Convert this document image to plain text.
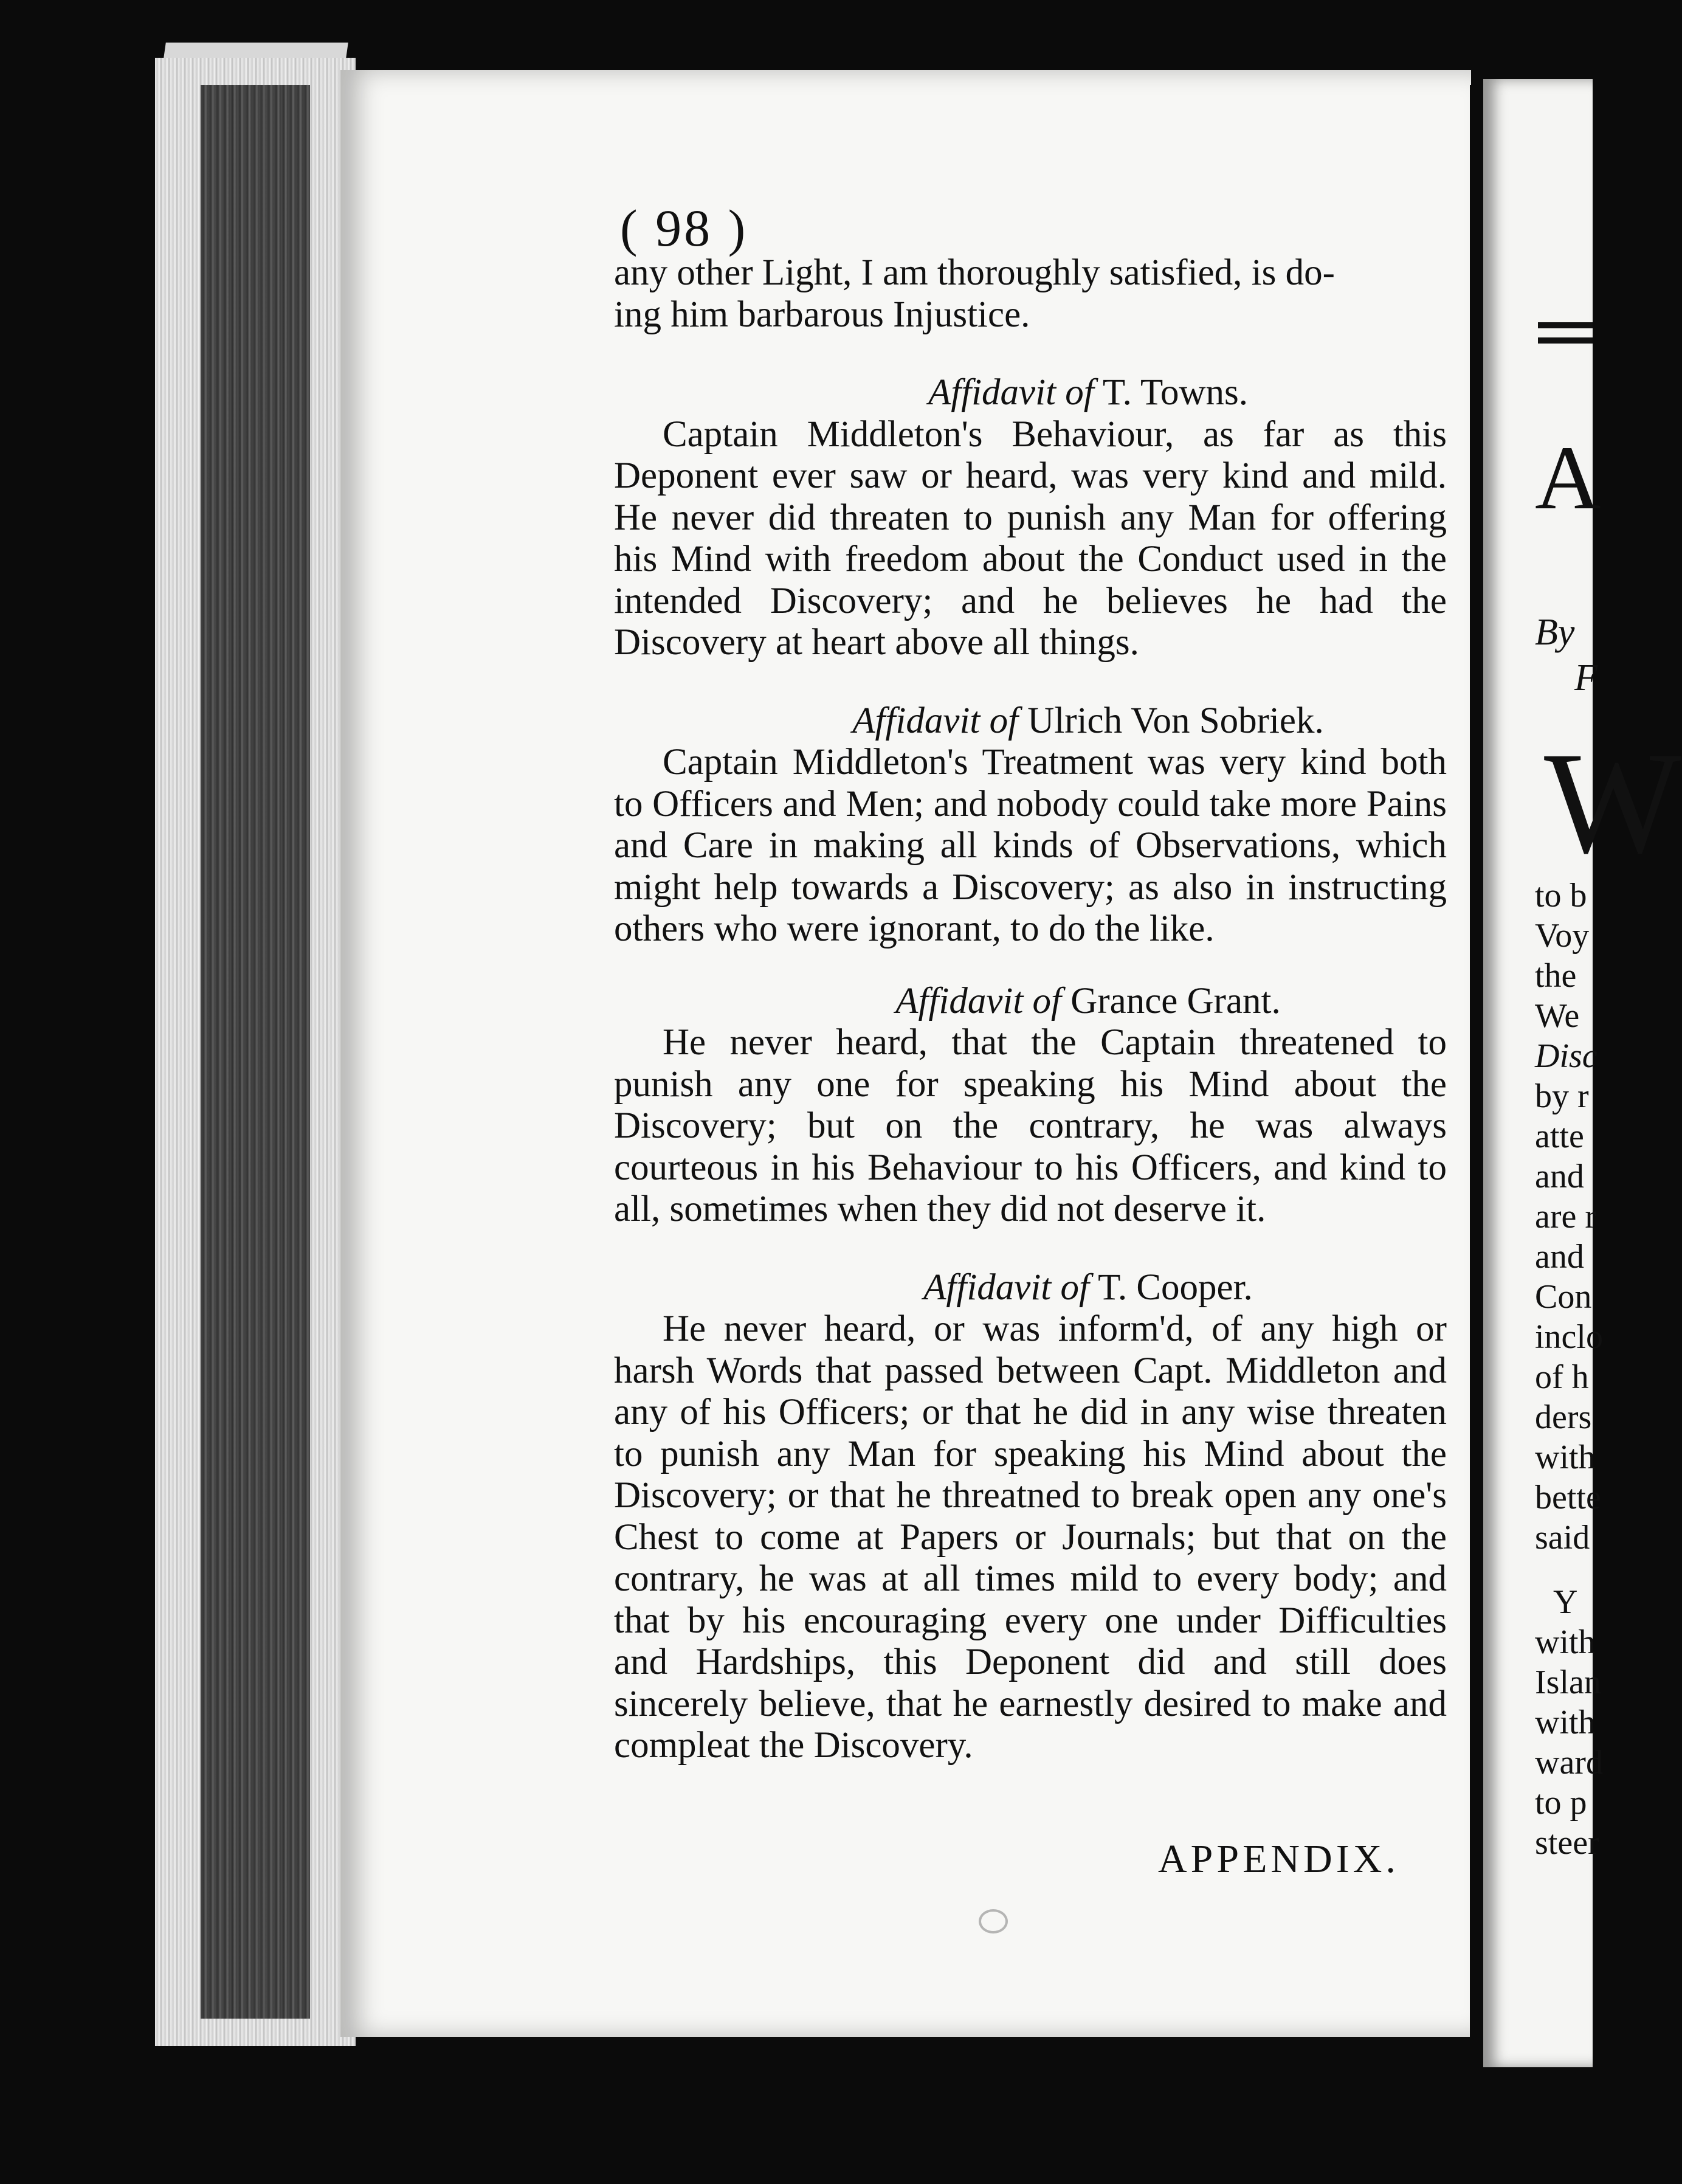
( 98 )

any other Light, I am thoroughly satisfied, is do-
ing him barbarous Injustice.

Affidavit of T. Towns.

Captain Middleton's Behaviour, as far as this Deponent ever saw or heard, was very kind and mild. He never did threaten to punish any Man for offering his Mind with freedom about the Conduct used in the intended Discovery; and he believes he had the Discovery at heart above all things.

Affidavit of Ulrich Von Sobriek.

Captain Middleton's Treatment was very kind both to Officers and Men; and nobody could take more Pains and Care in making all kinds of Observations, which might help towards a Discovery; as also in instructing others who were ignorant, to do the like.

Affidavit of Grance Grant.

He never heard, that the Captain threatened to punish any one for speaking his Mind about the Discovery; but on the contrary, he was always courteous in his Behaviour to his Officers, and kind to all, sometimes when they did not deserve it.

Affidavit of T. Cooper.

He never heard, or was inform'd, of any high or harsh Words that passed between Capt. Middleton and any of his Officers; or that he did in any wise threaten to punish any Man for speaking his Mind about the Discovery; or that he threatned to break open any one's Chest to come at Papers or Journals; but that on the contrary, he was at all times mild to every body; and that by his encouraging every one under Difficulties and Hardships, this Deponent did and still does sincerely believe, that he earnestly desired to make and compleat the Discovery.

APPENDIX.
A
By
F
W
to b
Voy
the
We
Disc
by r
atte
and
are r
and
Con
inclo
of h
ders
with
bette
said
Y
with
Islan
with
ward
to p
steer
